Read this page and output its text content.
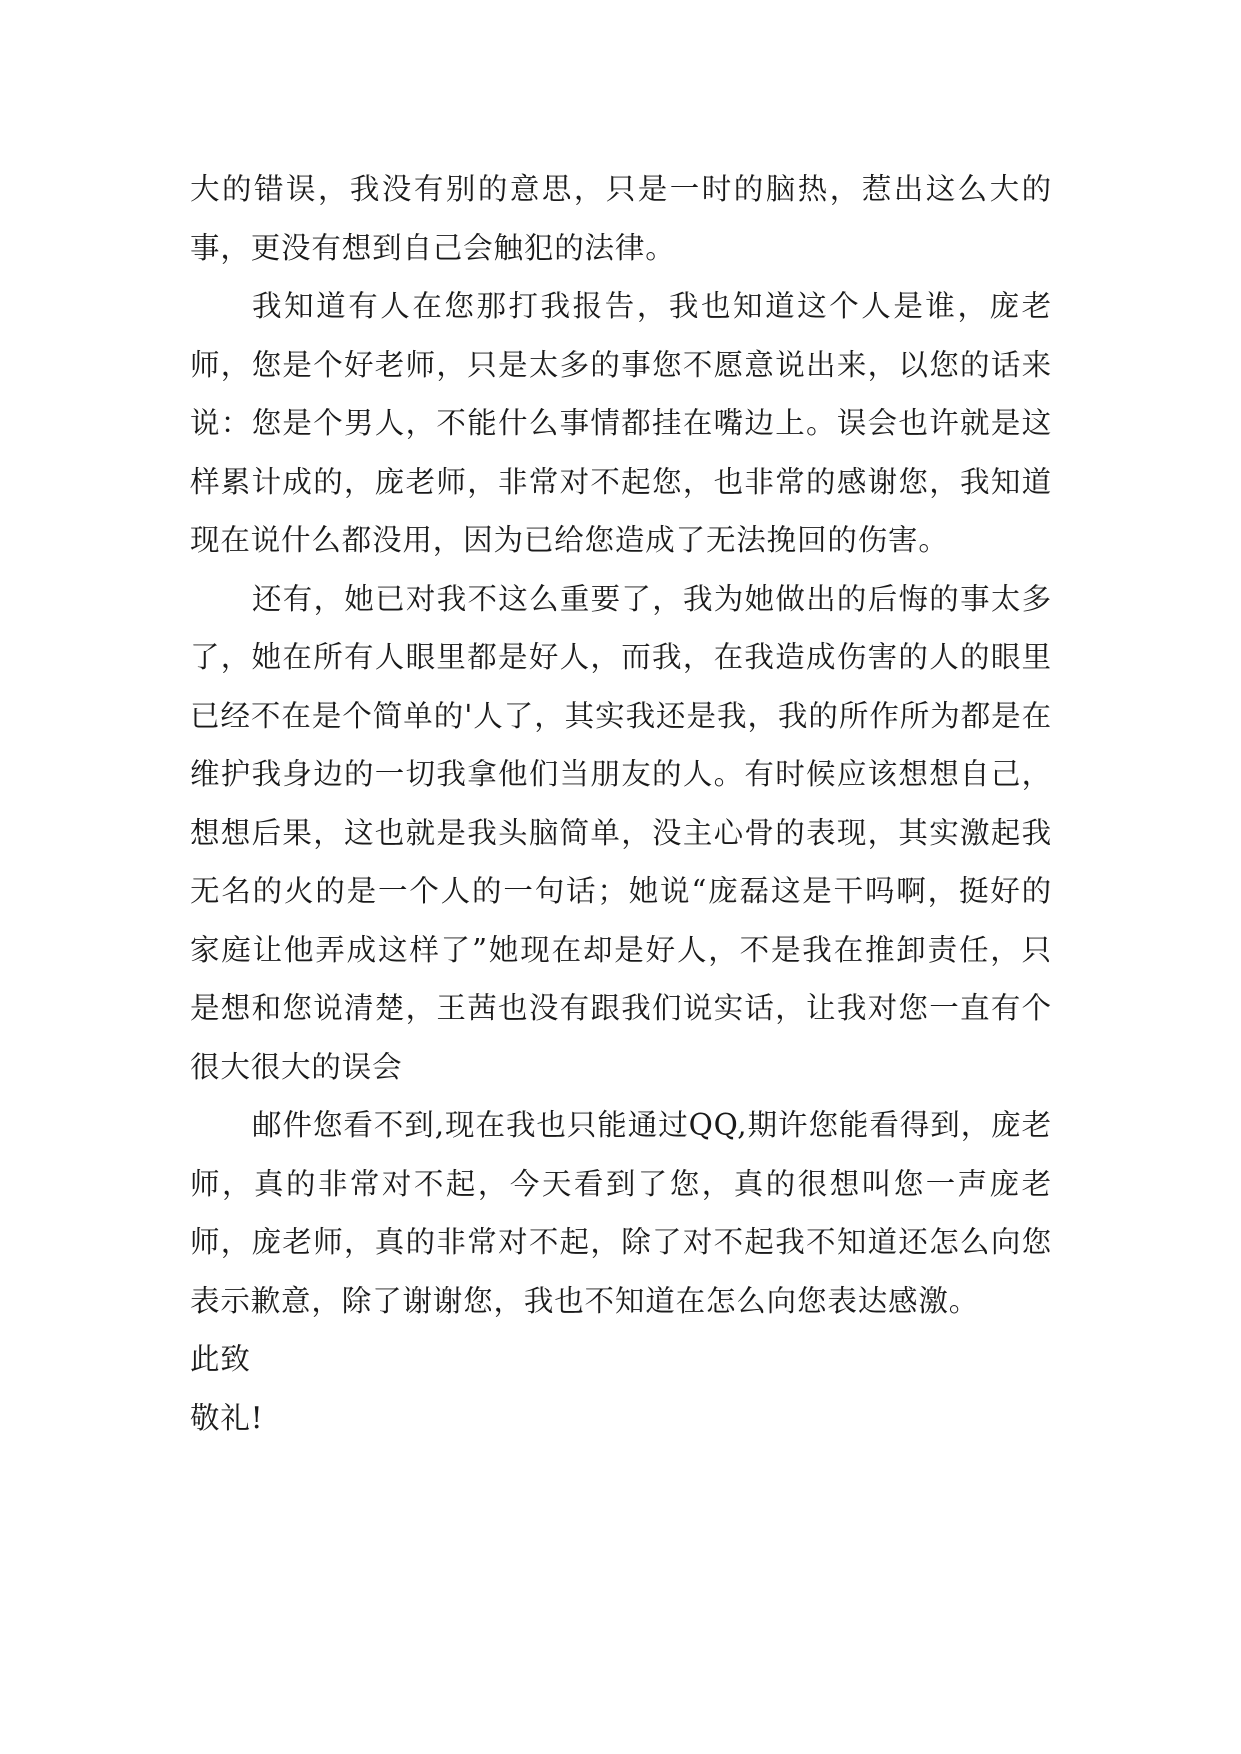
大的错误，我没有别的意思，只是一时的脑热，惹出这么大的事，更没有想到自己会触犯的法律。

我知道有人在您那打我报告，我也知道这个人是谁，庞老师，您是个好老师，只是太多的事您不愿意说出来，以您的话来说：您是个男人，不能什么事情都挂在嘴边上。误会也许就是这样累计成的，庞老师，非常对不起您，也非常的感谢您，我知道现在说什么都没用，因为已给您造成了无法挽回的伤害。

还有，她已对我不这么重要了，我为她做出的后悔的事太多了，她在所有人眼里都是好人，而我，在我造成伤害的人的眼里已经不在是个简单的'人了，其实我还是我，我的所作所为都是在维护我身边的一切我拿他们当朋友的人。有时候应该想想自己，想想后果，这也就是我头脑简单，没主心骨的表现，其实激起我无名的火的是一个人的一句话；她说“庞磊这是干吗啊，挺好的家庭让他弄成这样了”她现在却是好人，不是我在推卸责任，只是想和您说清楚，王茜也没有跟我们说实话，让我对您一直有个很大很大的误会

邮件您看不到,现在我也只能通过QQ,期许您能看得到，庞老师，真的非常对不起，今天看到了您，真的很想叫您一声庞老师，庞老师，真的非常对不起，除了对不起我不知道还怎么向您表示歉意，除了谢谢您，我也不知道在怎么向您表达感激。

此致

敬礼!
